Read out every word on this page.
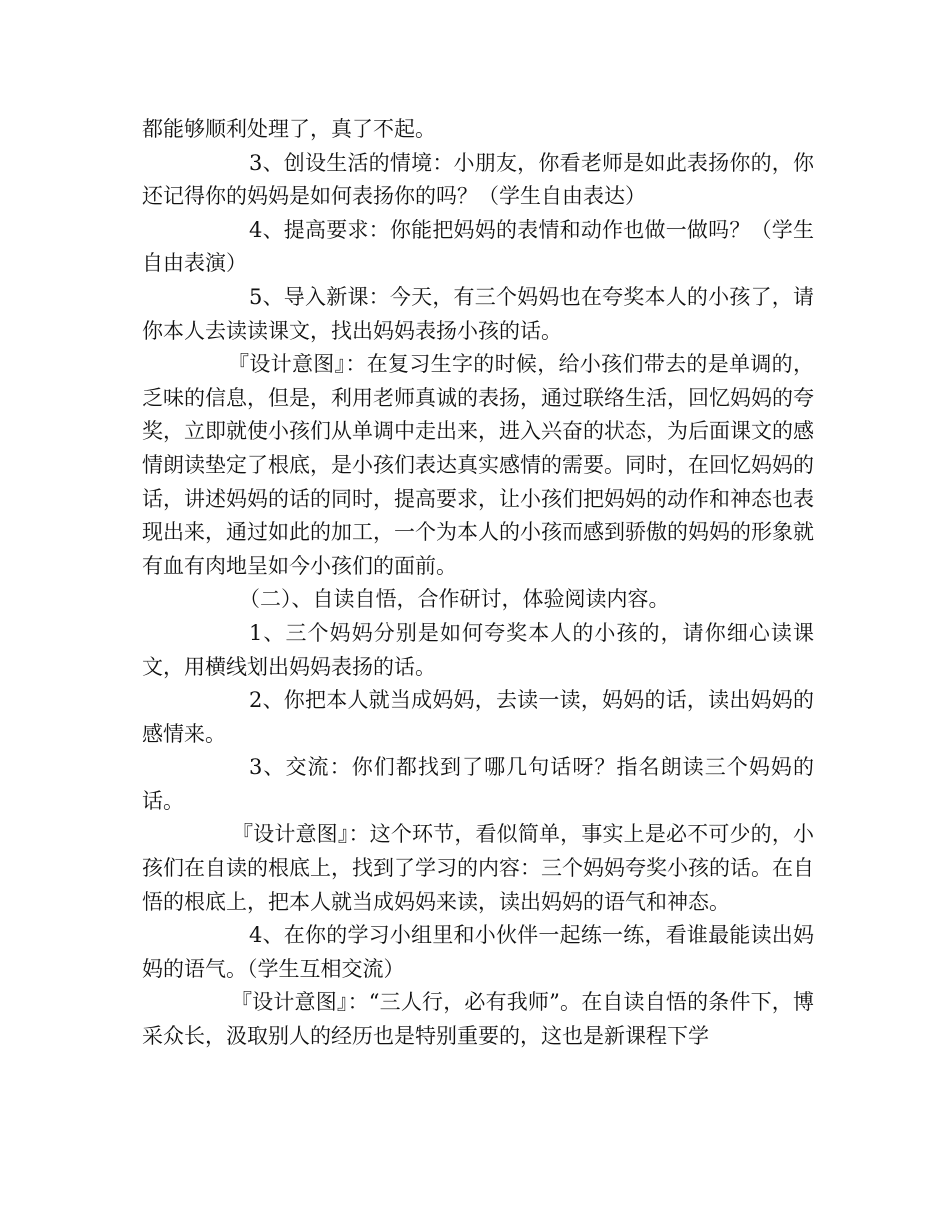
都能够顺利处理了，真了不起。

3、创设生活的情境：小朋友，你看老师是如此表扬你的，你还记得你的妈妈是如何表扬你的吗？（学生自由表达）

4、提高要求：你能把妈妈的表情和动作也做一做吗？（学生自由表演）

5、导入新课：今天，有三个妈妈也在夸奖本人的小孩了，请你本人去读读课文，找出妈妈表扬小孩的话。

『设计意图』：在复习生字的时候，给小孩们带去的是单调的，乏味的信息，但是，利用老师真诚的表扬，通过联络生活，回忆妈妈的夸奖，立即就使小孩们从单调中走出来，进入兴奋的状态，为后面课文的感情朗读垫定了根底，是小孩们表达真实感情的需要。同时，在回忆妈妈的话，讲述妈妈的话的同时，提高要求，让小孩们把妈妈的动作和神态也表现出来，通过如此的加工，一个为本人的小孩而感到骄傲的妈妈的形象就有血有肉地呈如今小孩们的面前。

（二）、自读自悟，合作研讨，体验阅读内容。

1、三个妈妈分别是如何夸奖本人的小孩的，请你细心读课文，用横线划出妈妈表扬的话。

2、你把本人就当成妈妈，去读一读，妈妈的话，读出妈妈的感情来。

3、交流：你们都找到了哪几句话呀？指名朗读三个妈妈的话。

『设计意图』：这个环节，看似简单，事实上是必不可少的，小孩们在自读的根底上，找到了学习的内容：三个妈妈夸奖小孩的话。在自悟的根底上，把本人就当成妈妈来读，读出妈妈的语气和神态。

4、在你的学习小组里和小伙伴一起练一练，看谁最能读出妈妈的语气。（学生互相交流）

『设计意图』：“三人行，必有我师”。在自读自悟的条件下，博采众长，汲取别人的经历也是特别重要的，这也是新课程下学
